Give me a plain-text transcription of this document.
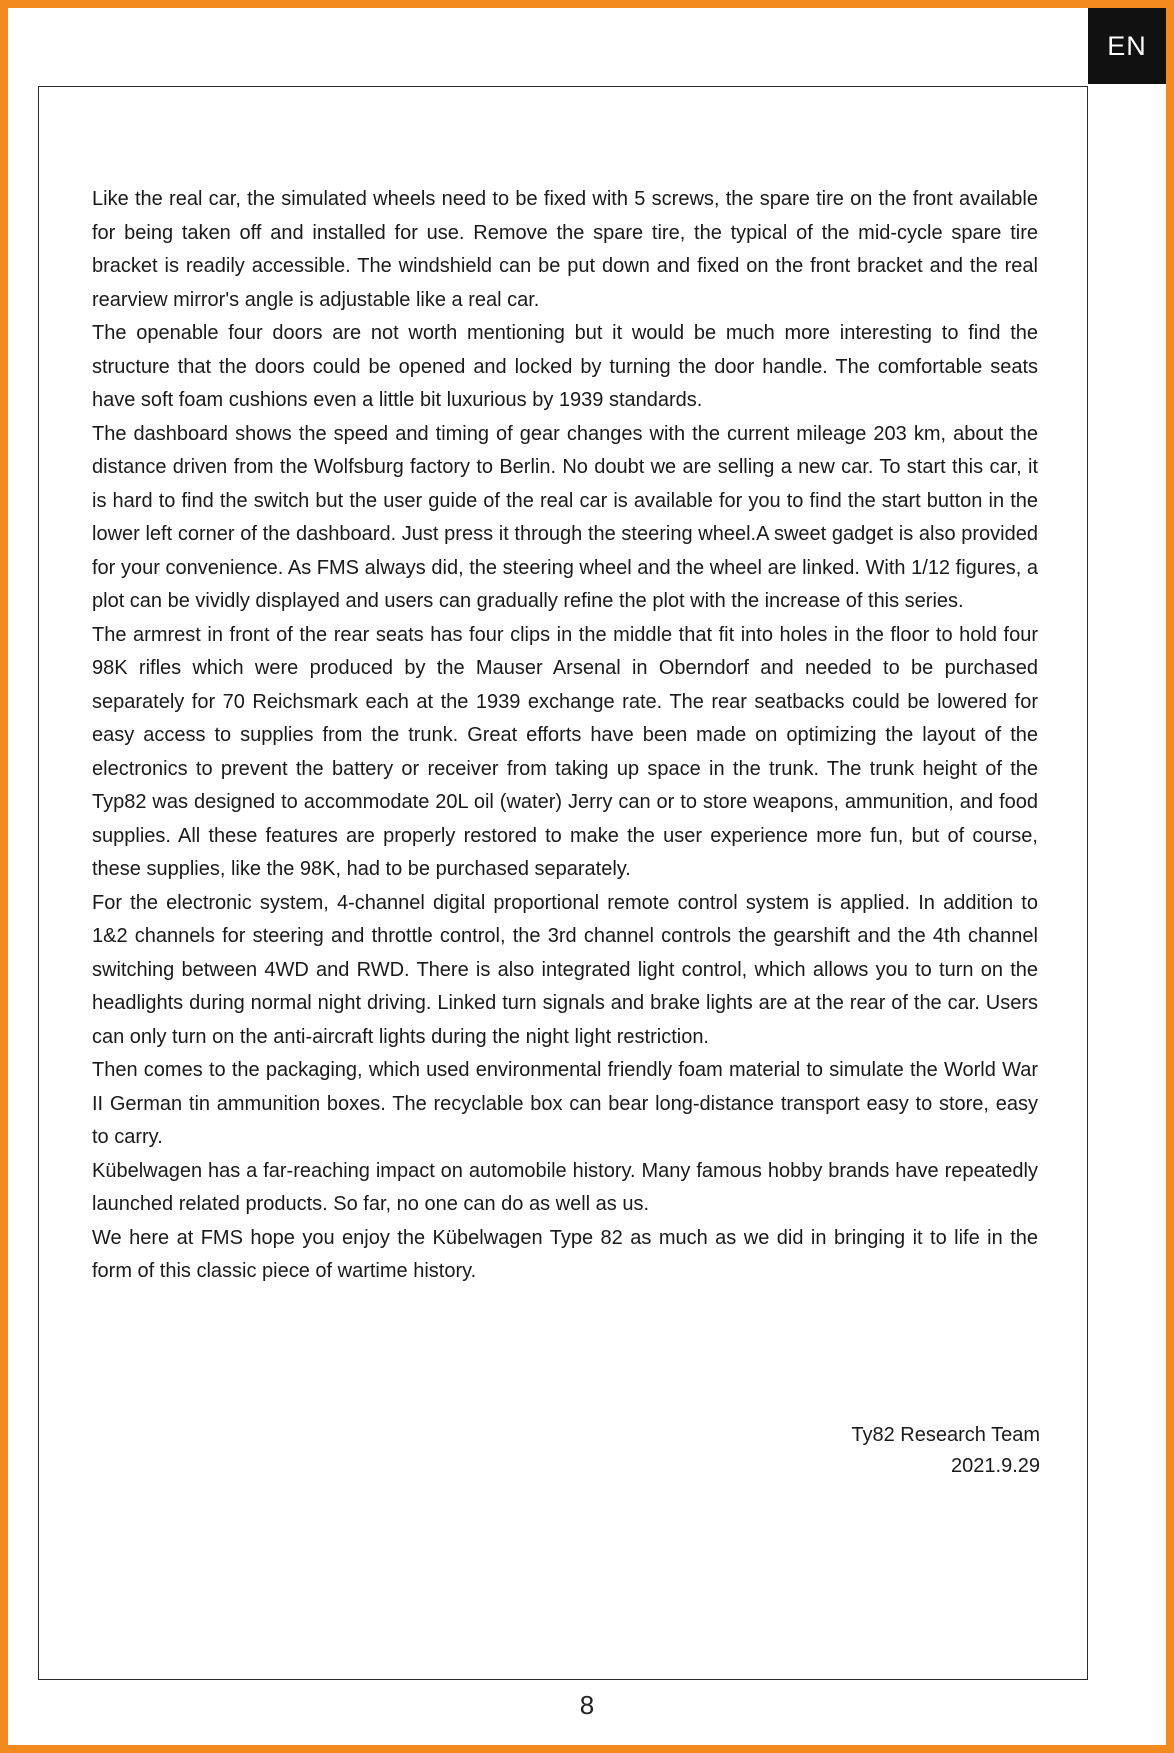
EN

Like the real car, the simulated wheels need to be fixed with 5 screws, the spare tire on the front available for being taken off and installed for use. Remove the spare tire, the typical of the mid-cycle spare tire bracket is readily accessible. The windshield can be put down and fixed on the front bracket and the real rearview mirror's angle is adjustable like a real car.

The openable four doors are not worth mentioning but it would be much more interesting to find the structure that the doors could be opened and locked by turning the door handle. The comfortable seats have soft foam cushions even a little bit luxurious by 1939 standards.

The dashboard shows the speed and timing of gear changes with the current mileage 203 km, about the distance driven from the Wolfsburg factory to Berlin. No doubt we are selling a new car. To start this car, it is hard to find the switch but the user guide of the real car is available for you to find the start button in the lower left corner of the dashboard. Just press it through the steering wheel.A sweet gadget is also provided for your convenience. As FMS always did, the steering wheel and the wheel are linked. With 1/12 figures, a plot can be vividly displayed and users can gradually refine the plot with the increase of this series.

The armrest in front of the rear seats has four clips in the middle that fit into holes in the floor to hold four 98K rifles which were produced by the Mauser Arsenal in Oberndorf and needed to be purchased separately for 70 Reichsmark each at the 1939 exchange rate. The rear seatbacks could be lowered for easy access to supplies from the trunk. Great efforts have been made on optimizing the layout of the electronics to prevent the battery or receiver from taking up space in the trunk. The trunk height of the Typ82 was designed to accommodate 20L oil (water) Jerry can or to store weapons, ammunition, and food supplies. All these features are properly restored to make the user experience more fun, but of course, these supplies, like the 98K, had to be purchased separately.

For the electronic system, 4-channel digital proportional remote control system is applied. In addition to 1&2 channels for steering and throttle control, the 3rd channel controls the gearshift and the 4th channel switching between 4WD and RWD. There is also integrated light control, which allows you to turn on the headlights during normal night driving. Linked turn signals and brake lights are at the rear of the car. Users can only turn on the anti-aircraft lights during the night light restriction.

Then comes to the packaging, which used environmental friendly foam material to simulate the World War II German tin ammunition boxes. The recyclable box can bear long-distance transport easy to store, easy to carry.

Kübelwagen has a far-reaching impact on automobile history. Many famous hobby brands have repeatedly launched related products. So far, no one can do as well as us.

We here at FMS hope you enjoy the Kübelwagen Type 82 as much as we did in bringing it to life in the form of this classic piece of wartime history.

Ty82 Research Team
2021.9.29
8
